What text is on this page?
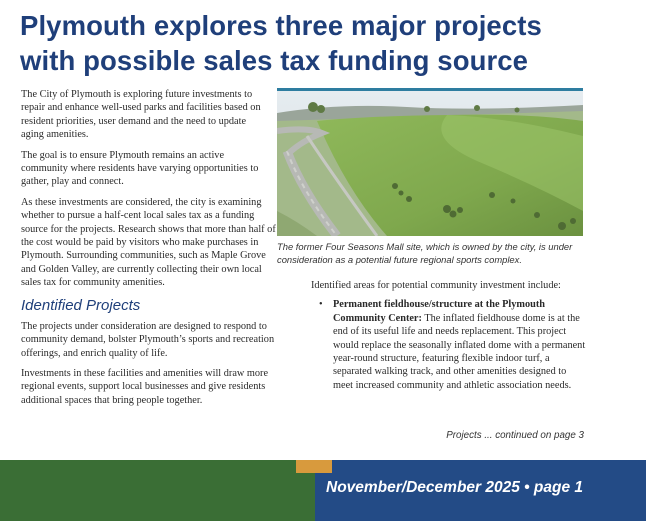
Plymouth explores three major projects
with possible sales tax funding source

The City of Plymouth is exploring future investments to repair and enhance well-used parks and facilities based on resident priorities, user demand and the need to update aging amenities.

The goal is to ensure Plymouth remains an active community where residents have varying opportunities to gather, play and connect.

As these investments are considered, the city is examining whether to pursue a half-cent local sales tax as a funding source for the projects. Research shows that more than half of the cost would be paid by visitors who make purchases in Plymouth. Surrounding communities, such as Maple Grove and Golden Valley, are currently collecting their own local sales tax for community amenities.

Identified Projects

The projects under consideration are designed to respond to community demand, bolster Plymouth’s sports and recreation offerings, and enrich quality of life.

Investments in these facilities and amenities will draw more regional events, support local businesses and give residents additional spaces that bring people together.

The former Four Seasons Mall site, which is owned by the city, is under consideration as a potential future regional sports complex.

Identified areas for potential community investment include:

• Permanent fieldhouse/structure at the Plymouth Community Center: The inflated fieldhouse dome is at the end of its useful life and needs replacement. This project would replace the seasonally inflated dome with a permanent year-round structure, featuring flexible indoor turf, a separated walking track, and other amenities designed to meet increased community and athletic association needs.

Projects ... continued on page 3

November/December 2025 • page 1
